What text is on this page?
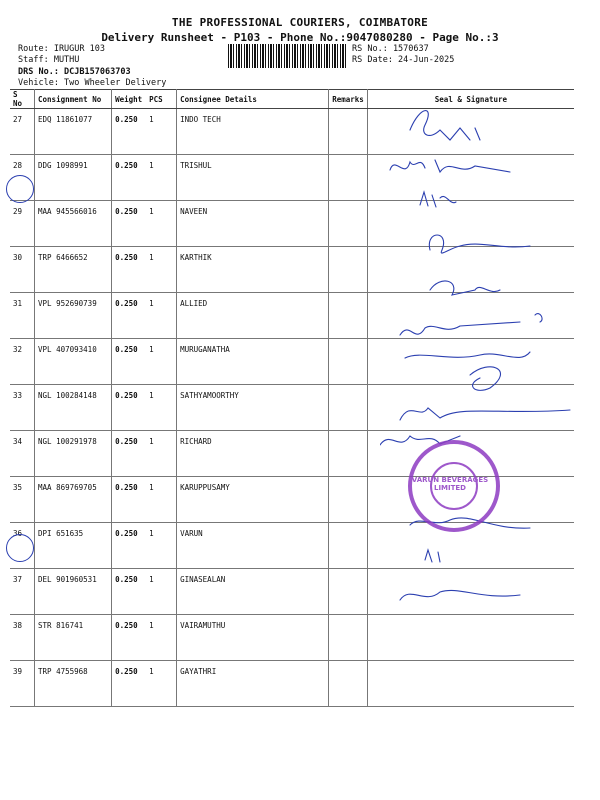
THE PROFESSIONAL COURIERS, COIMBATORE
Delivery Runsheet - P103 - Phone No.:9047080280 - Page No.:3
Route: IRUGUR 103
Staff: MUTHU
DRS No.: DCJB157063703
Vehicle: Two Wheeler Delivery
RS No.: 1570637
RS Date: 24-Jun-2025
S No	Consignment No	Weight	PCS	Consignee Details	Remarks	Seal & Signature
27	EDQ 11861077	0.250	1	INDO TECH		
28	DDG 1098991	0.250	1	TRISHUL		
29	MAA 945566016	0.250	1	NAVEEN		
30	TRP 6466652	0.250	1	KARTHIK		
31	VPL 952690739	0.250	1	ALLIED		
32	VPL 407093410	0.250	1	MURUGANATHA		
33	NGL 100284148	0.250	1	SATHYAMOORTHY		
34	NGL 100291978	0.250	1	RICHARD		
35	MAA 869769705	0.250	1	KARUPPUSAMY		
36	DPI 651635	0.250	1	VARUN		
37	DEL 901960531	0.250	1	GINASEALAN		
38	STR 816741	0.250	1	VAIRAMUTHU		
39	TRP 4755968	0.250	1	GAYATHRI		
VARUN BEVERAGES LIMITED
